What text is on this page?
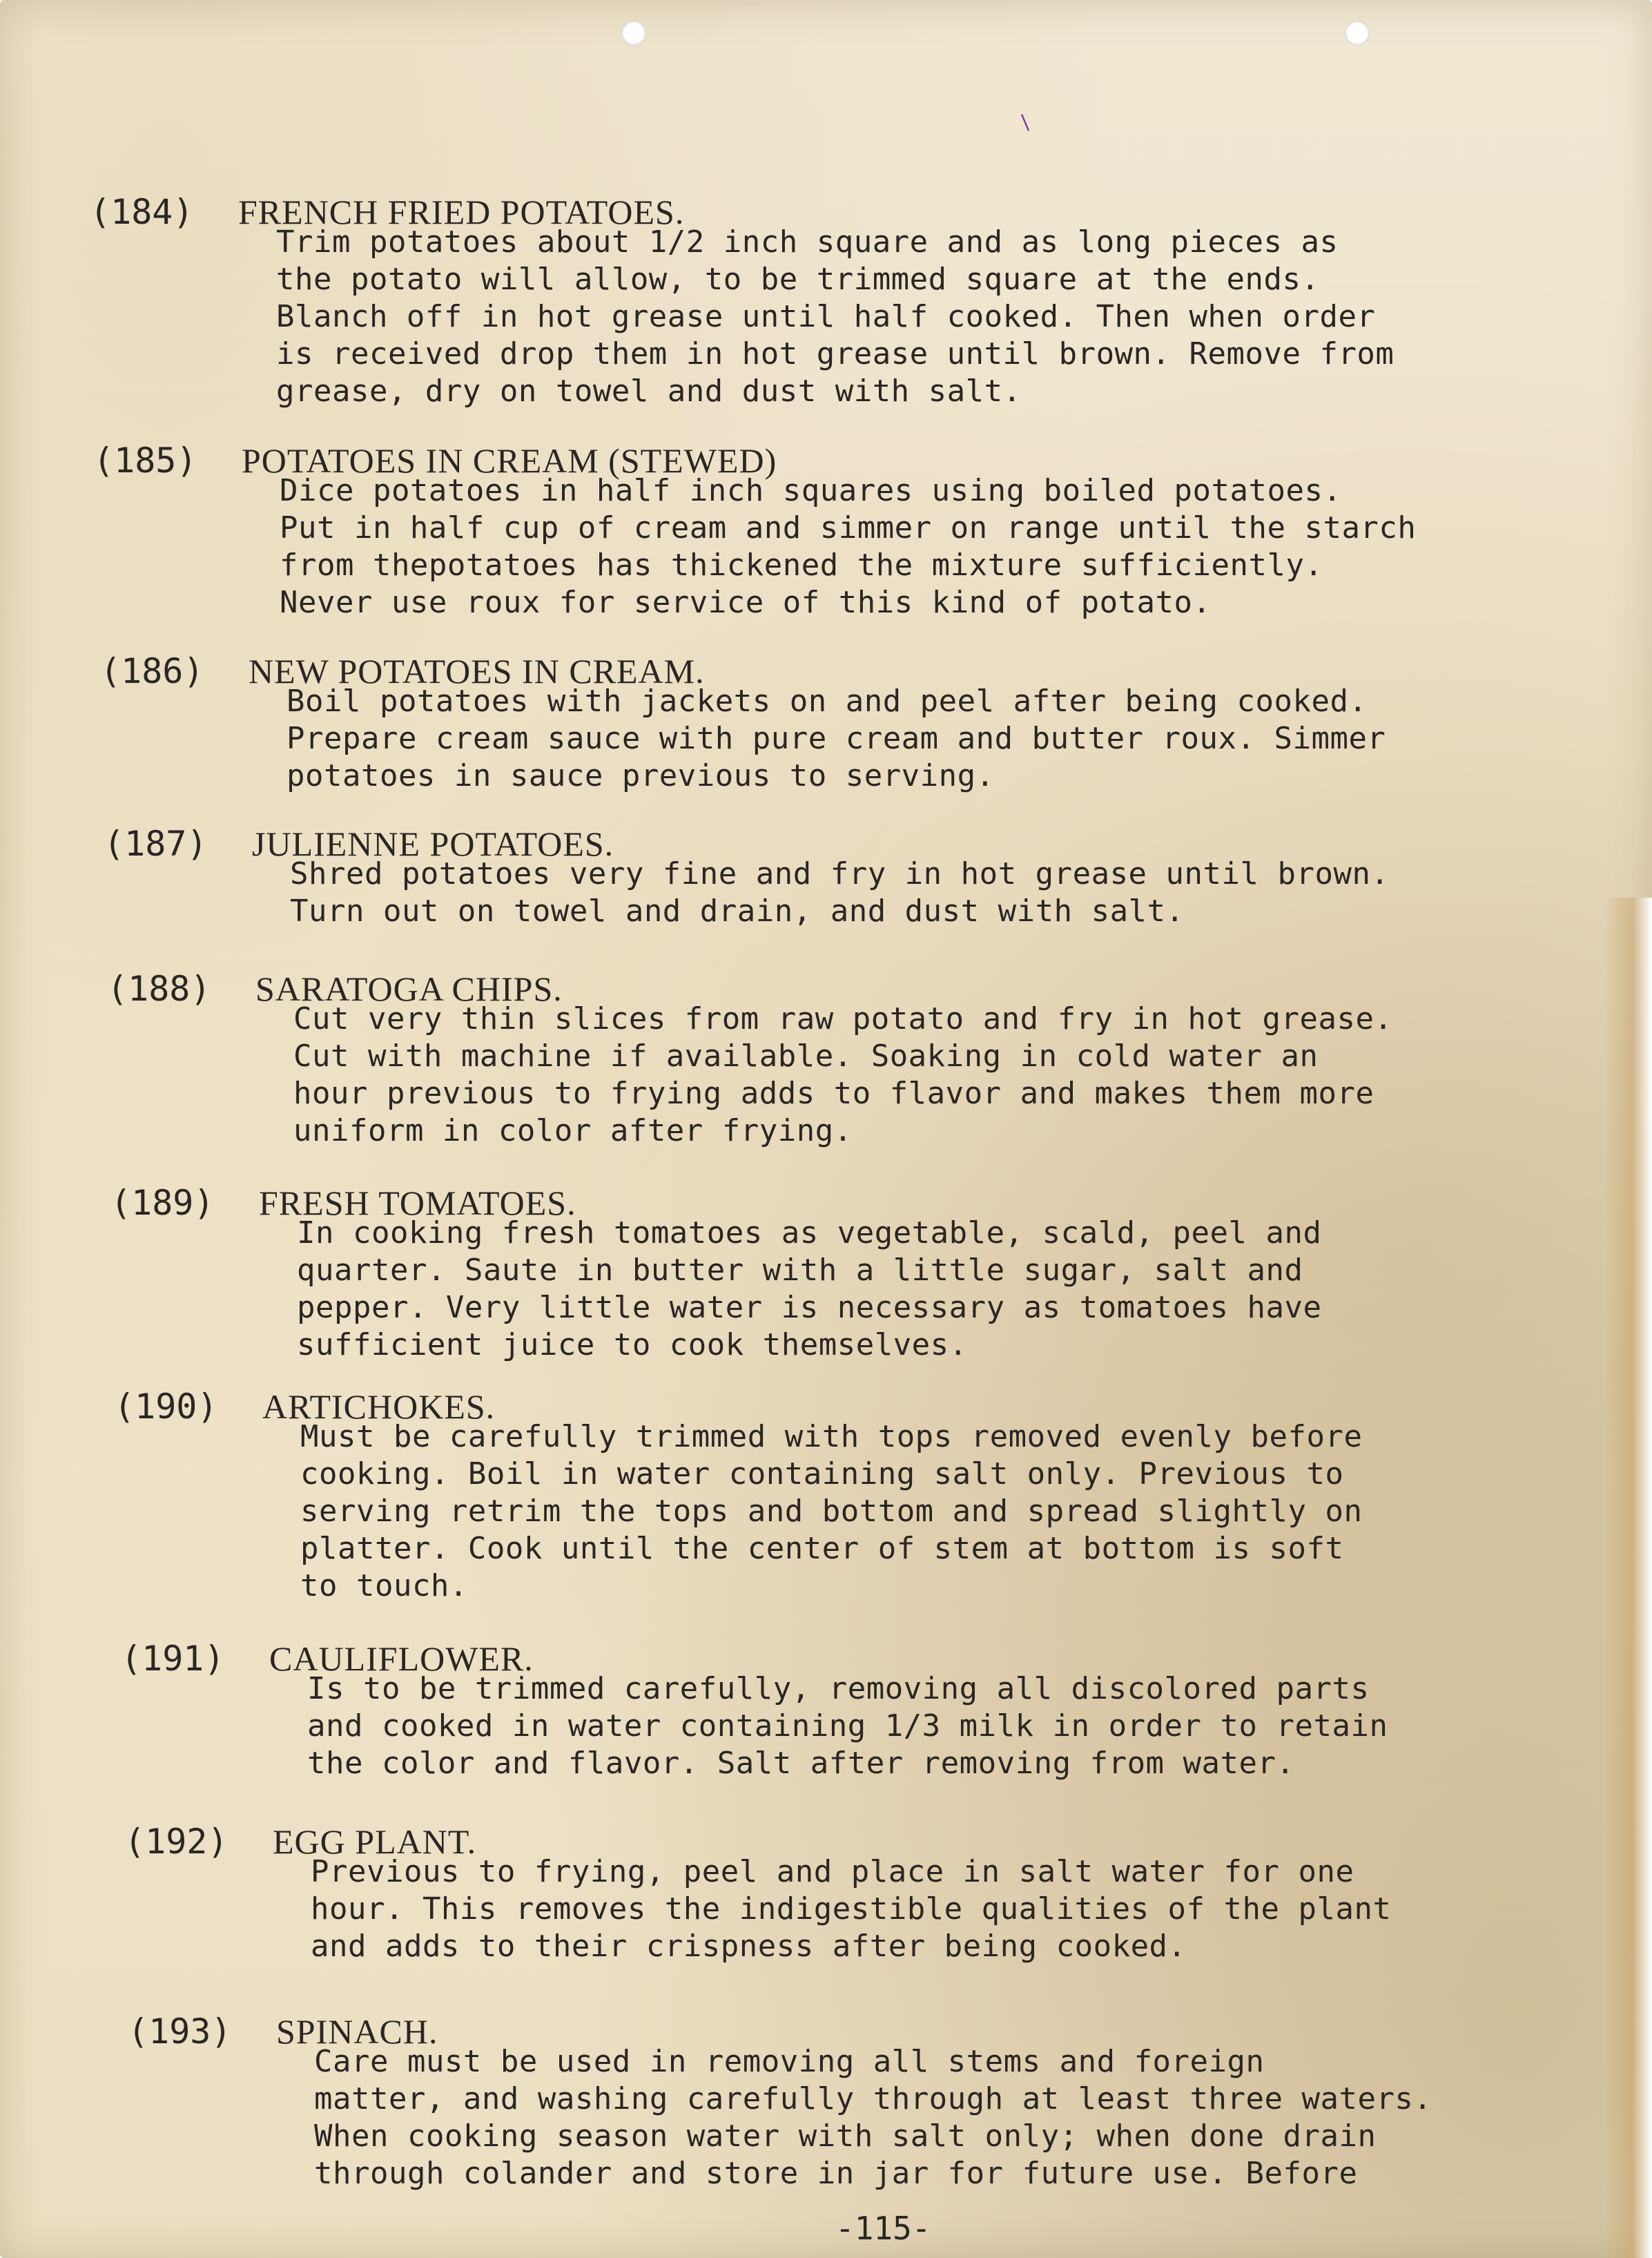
/
(184) FRENCH FRIED POTATOES.
Trim potatoes about 1/2 inch square and as long pieces as
the potato will allow, to be trimmed square at the ends.
Blanch off in hot grease until half cooked. Then when order
is received drop them in hot grease until brown. Remove from
grease, dry on towel and dust with salt.
(185) POTATOES IN CREAM (STEWED)
Dice potatoes in half inch squares using boiled potatoes.
Put in half cup of cream and simmer on range until the starch
from thepotatoes has thickened the mixture sufficiently.
Never use roux for service of this kind of potato.
(186) NEW POTATOES IN CREAM.
Boil potatoes with jackets on and peel after being cooked.
Prepare cream sauce with pure cream and butter roux. Simmer
potatoes in sauce previous to serving.
(187) JULIENNE POTATOES.
Shred potatoes very fine and fry in hot grease until brown.
Turn out on towel and drain, and dust with salt.
(188) SARATOGA CHIPS.
Cut very thin slices from raw potato and fry in hot grease.
Cut with machine if available. Soaking in cold water an
hour previous to frying adds to flavor and makes them more
uniform in color after frying.
(189) FRESH TOMATOES.
In cooking fresh tomatoes as vegetable, scald, peel and
quarter. Saute in butter with a little sugar, salt and
pepper. Very little water is necessary as tomatoes have
sufficient juice to cook themselves.
(190) ARTICHOKES.
Must be carefully trimmed with tops removed evenly before
cooking. Boil in water containing salt only. Previous to
serving retrim the tops and bottom and spread slightly on
platter. Cook until the center of stem at bottom is soft
to touch.
(191) CAULIFLOWER.
Is to be trimmed carefully, removing all discolored parts
and cooked in water containing 1/3 milk in order to retain
the color and flavor. Salt after removing from water.
(192) EGG PLANT.
Previous to frying, peel and place in salt water for one
hour. This removes the indigestible qualities of the plant
and adds to their crispness after being cooked.
(193) SPINACH.
Care must be used in removing all stems and foreign
matter, and washing carefully through at least three waters.
When cooking season water with salt only; when done drain
through colander and store in jar for future use. Before
-115-
